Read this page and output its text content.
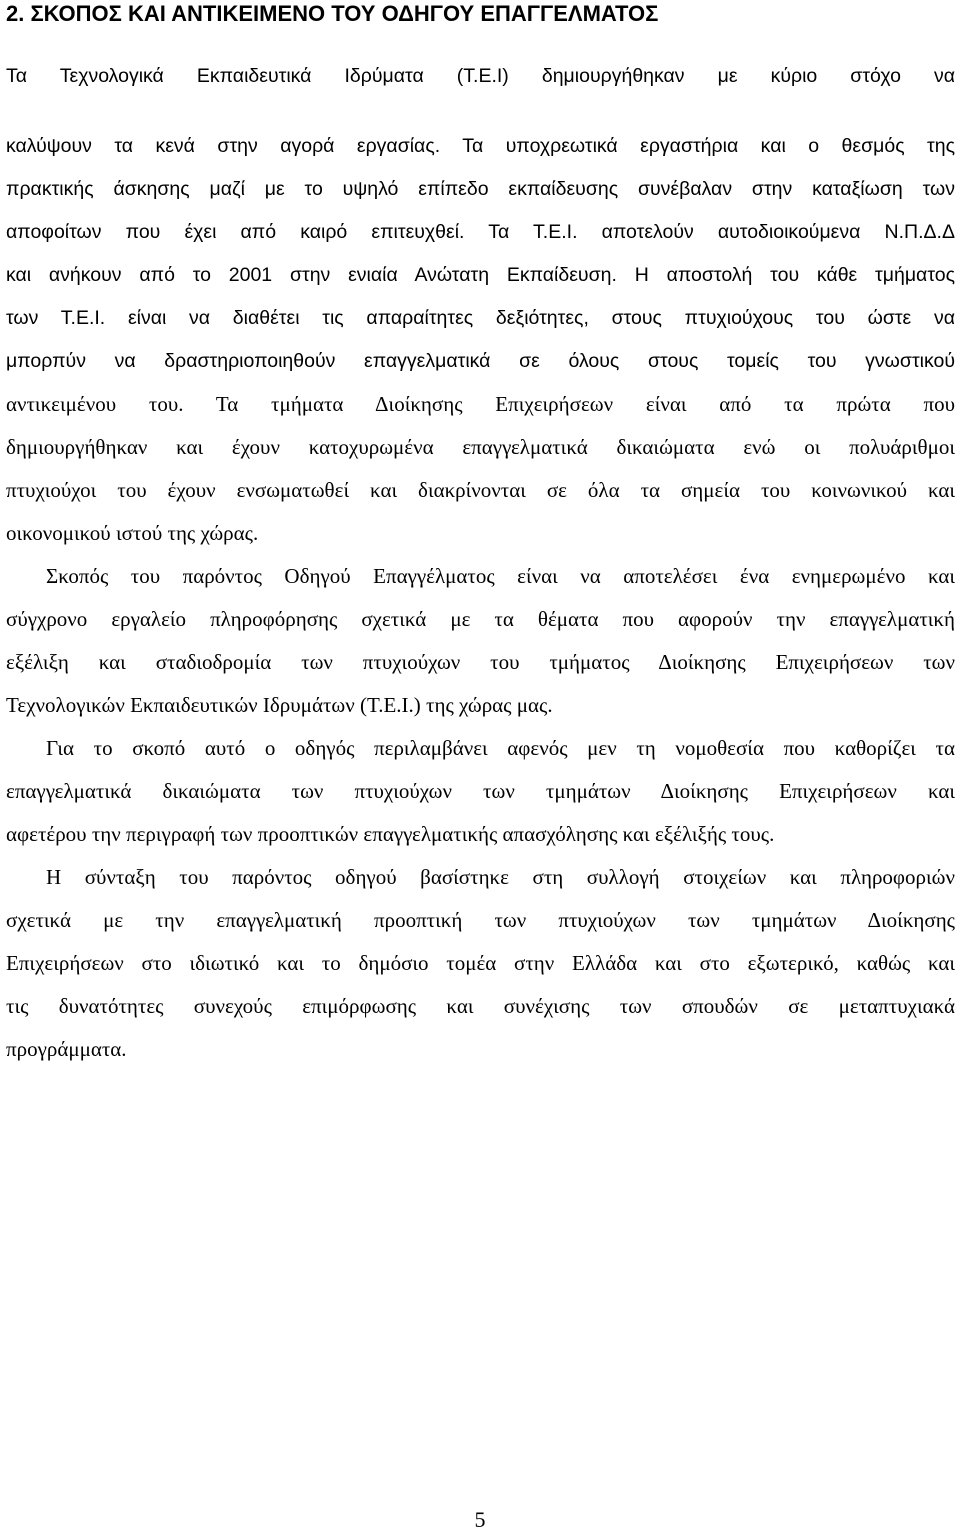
2. ΣΚΟΠΟΣ ΚΑΙ ΑΝΤΙΚΕΙΜΕΝΟ ΤΟΥ ΟΔΗΓΟΥ ΕΠΑΓΓΕΛΜΑΤΟΣ
Τα Τεχνολογικά Εκπαιδευτικά Ιδρύματα (Τ.Ε.Ι) δημιουργήθηκαν με κύριο στόχο να
καλύψουν τα κενά στην αγορά εργασίας. Τα υποχρεωτικά εργαστήρια και ο θεσμός της
πρακτικής άσκησης μαζί με το υψηλό επίπεδο εκπαίδευσης συνέβαλαν στην καταξίωση των
αποφοίτων που έχει από καιρό επιτευχθεί. Τα Τ.Ε.Ι. αποτελούν αυτοδιοικούμενα Ν.Π.Δ.Δ
και ανήκουν από το 2001 στην ενιαία Ανώτατη Εκπαίδευση. Η αποστολή του κάθε τμήματος
των Τ.Ε.Ι. είναι να διαθέτει τις απαραίτητες δεξιότητες, στους πτυχιούχους του ώστε να
μπορπύν να δραστηριοποιηθούν επαγγελματικά σε όλους στους τομείς του γνωστικού
αντικειμένου του. Τα τμήματα Διοίκησης Επιχειρήσεων είναι από τα πρώτα που
δημιουργήθηκαν και έχουν κατοχυρωμένα επαγγελματικά δικαιώματα ενώ οι πολυάριθμοι
πτυχιούχοι του έχουν ενσωματωθεί και διακρίνονται σε όλα τα σημεία του κοινωνικού και
οικονομικού ιστού της χώρας.
Σκοπός του παρόντος Οδηγού Επαγγέλματος είναι να αποτελέσει ένα ενημερωμένο και
σύγχρονο εργαλείο πληροφόρησης σχετικά με τα θέματα που αφορούν την επαγγελματική
εξέλιξη και σταδιοδρομία των πτυχιούχων του τμήματος Διοίκησης Επιχειρήσεων των
Τεχνολογικών Εκπαιδευτικών Ιδρυμάτων (Τ.Ε.Ι.) της χώρας μας.
Για το σκοπό αυτό ο οδηγός περιλαμβάνει αφενός μεν τη νομοθεσία που καθορίζει τα
επαγγελματικά δικαιώματα των πτυχιούχων των τμημάτων Διοίκησης Επιχειρήσεων και
αφετέρου την περιγραφή των προοπτικών επαγγελματικής απασχόλησης και εξέλιξής τους.
Η σύνταξη του παρόντος οδηγού βασίστηκε στη συλλογή στοιχείων και πληροφοριών
σχετικά με την επαγγελματική προοπτική των πτυχιούχων των τμημάτων Διοίκησης
Επιχειρήσεων στο ιδιωτικό και το δημόσιο τομέα στην Ελλάδα και στο εξωτερικό, καθώς και
τις δυνατότητες συνεχούς επιμόρφωσης και συνέχισης των σπουδών σε μεταπτυχιακά
προγράμματα.
5
